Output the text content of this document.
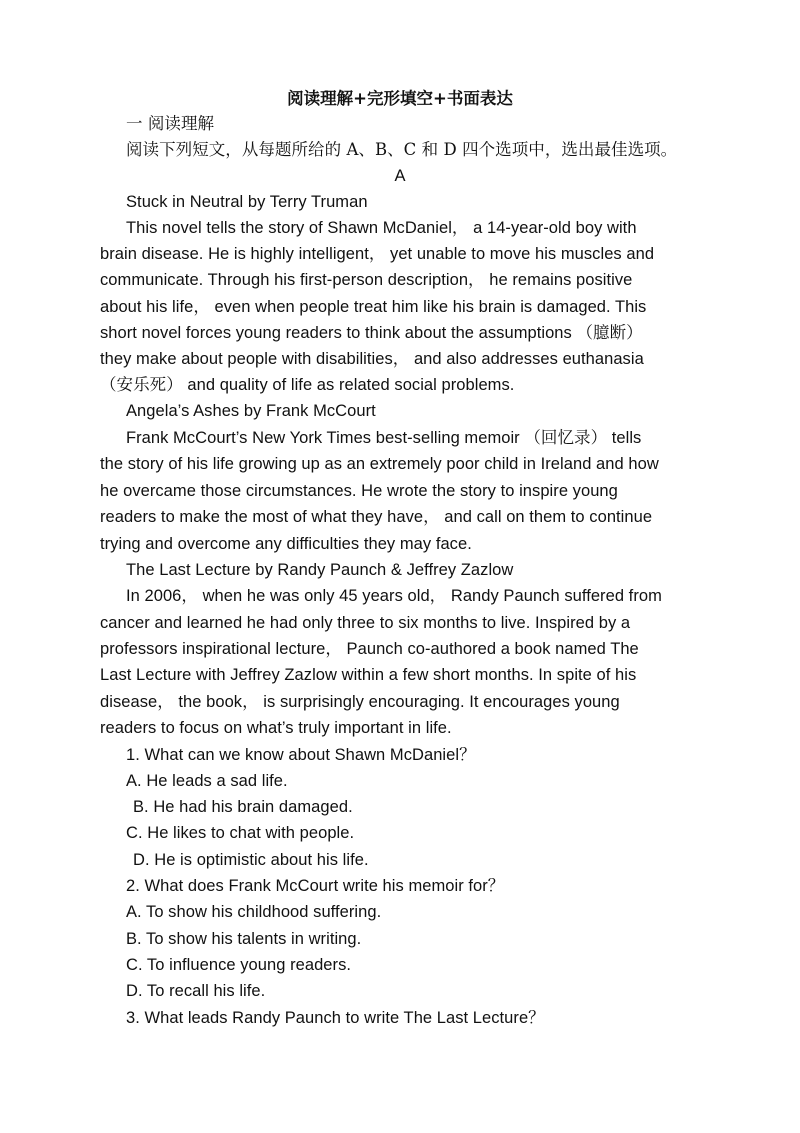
阅读理解+完形填空+书面表达
一 阅读理解
阅读下列短文，从每题所给的 A、B、C 和 D 四个选项中，选出最佳选项。
A
Stuck in Neutral by Terry Truman
This novel tells the story of Shawn McDaniel， a 14-year-old boy with
brain disease. He is highly intelligent， yet unable to move his muscles and
communicate. Through his first-person description， he remains positive
about his life， even when people treat him like his brain is damaged. This
short novel forces young readers to think about the assumptions （臆断）
they make about people with disabilities， and also addresses euthanasia
（安乐死） and quality of life as related social problems.
Angela’s Ashes by Frank McCourt
Frank McCourt’s New York Times best-selling memoir （回忆录） tells
the story of his life growing up as an extremely poor child in Ireland and how
he overcame those circumstances. He wrote the story to inspire young
readers to make the most of what they have， and call on them to continue
trying and overcome any difficulties they may face.
The Last Lecture by Randy Paunch & Jeffrey Zazlow
In 2006， when he was only 45 years old， Randy Paunch suffered from
cancer and learned he had only three to six months to live. Inspired by a
professors inspirational lecture， Paunch co-authored a book named The
Last Lecture with Jeffrey Zazlow within a few short months. In spite of his
disease， the book， is surprisingly encouraging. It encourages young
readers to focus on what’s truly important in life.
1. What can we know about Shawn McDaniel？
A. He leads a sad life.
B. He had his brain damaged.
C. He likes to chat with people.
D. He is optimistic about his life.
2. What does Frank McCourt write his memoir for？
A. To show his childhood suffering.
B. To show his talents in writing.
C. To influence young readers.
D. To recall his life.
3. What leads Randy Paunch to write The Last Lecture？
